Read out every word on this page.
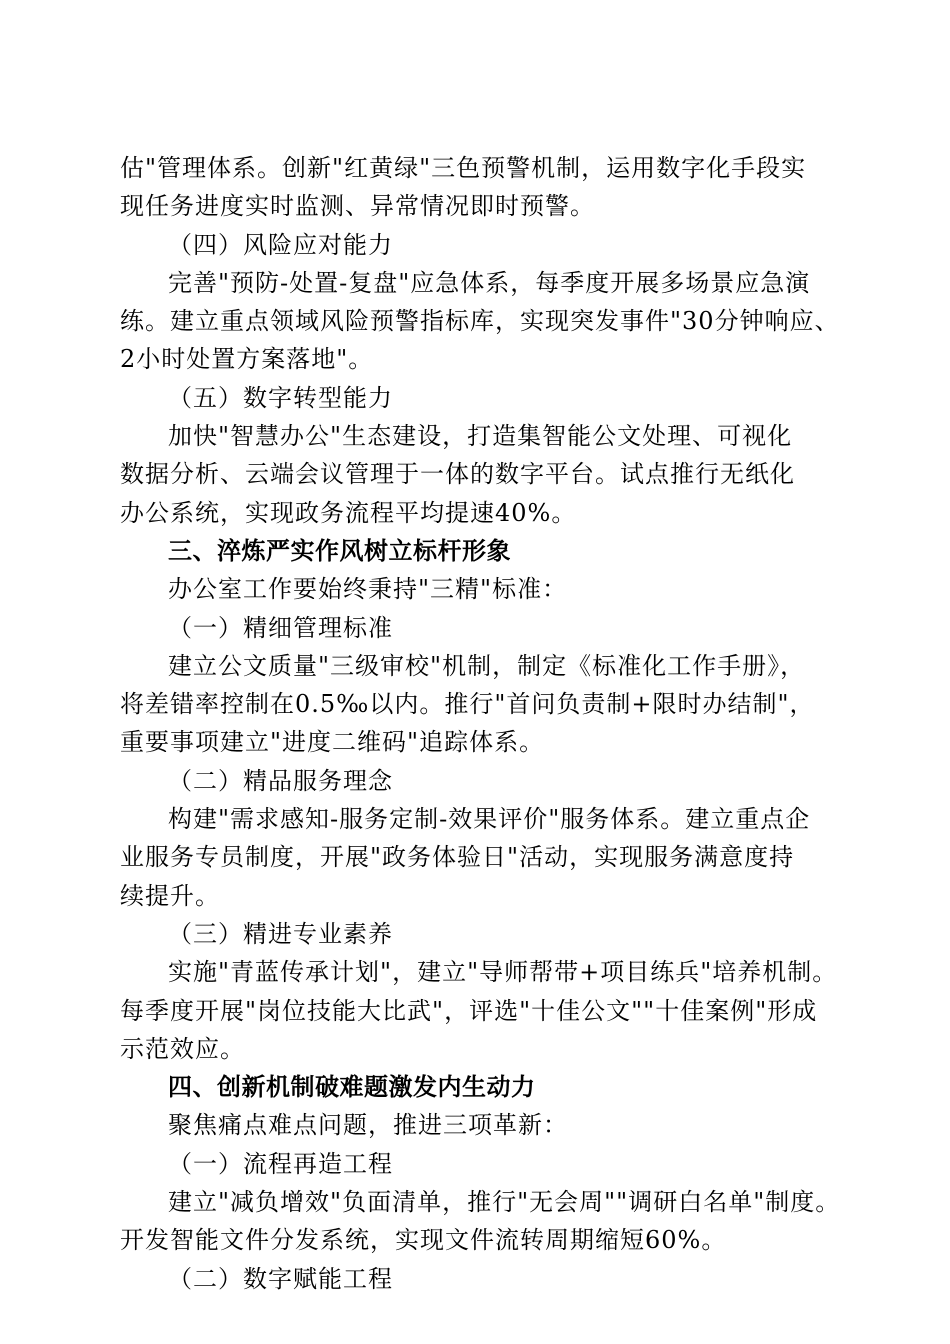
估"管理体系。创新"红黄绿"三色预警机制，运用数字化手段实
现任务进度实时监测、异常情况即时预警。
（四）风险应对能力
完善"预防-处置-复盘"应急体系，每季度开展多场景应急演
练。建立重点领域风险预警指标库，实现突发事件"30分钟响应、
2小时处置方案落地"。
（五）数字转型能力
加快"智慧办公"生态建设，打造集智能公文处理、可视化
数据分析、云端会议管理于一体的数字平台。试点推行无纸化
办公系统，实现政务流程平均提速40%。
三、淬炼严实作风树立标杆形象
办公室工作要始终秉持"三精"标准：
（一）精细管理标准
建立公文质量"三级审校"机制，制定《标准化工作手册》，
将差错率控制在0.5‰以内。推行"首问负责制+限时办结制"，
重要事项建立"进度二维码"追踪体系。
（二）精品服务理念
构建"需求感知-服务定制-效果评价"服务体系。建立重点企
业服务专员制度，开展"政务体验日"活动，实现服务满意度持
续提升。
（三）精进专业素养
实施"青蓝传承计划"，建立"导师帮带+项目练兵"培养机制。
每季度开展"岗位技能大比武"，评选"十佳公文""十佳案例"形成
示范效应。
四、创新机制破难题激发内生动力
聚焦痛点难点问题，推进三项革新：
（一）流程再造工程
建立"减负增效"负面清单，推行"无会周""调研白名单"制度。
开发智能文件分发系统，实现文件流转周期缩短60%。
（二）数字赋能工程
